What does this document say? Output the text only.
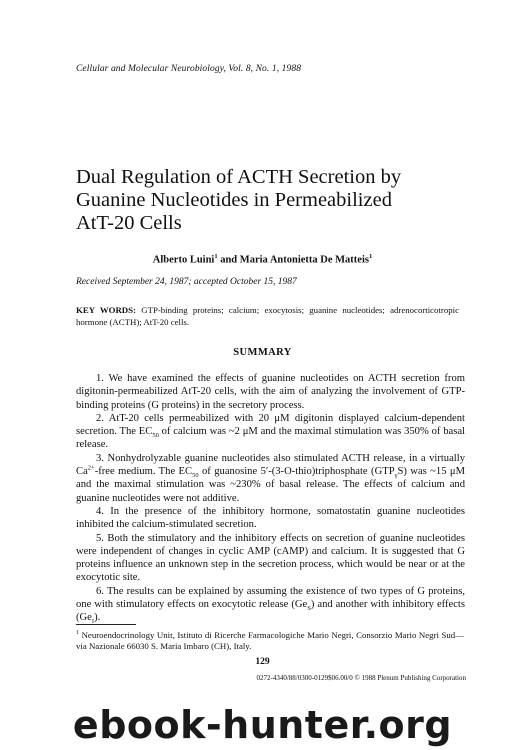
Cellular and Molecular Neurobiology, Vol. 8, No. 1, 1988
Dual Regulation of ACTH Secretion by
Guanine Nucleotides in Permeabilized
AtT-20 Cells
Alberto Luini$^1$ and Maria Antonietta De Matteis$^1$
Received September 24, 1987; accepted October 15, 1987
KEY WORDS: GTP-binding proteins; calcium; exocytosis; guanine nucleotides; adrenocorticotropic hormone (ACTH); AtT-20 cells.
SUMMARY

1. We have examined the effects of guanine nucleotides on ACTH secretion from digitonin-permeabilized AtT-20 cells, with the aim of analyzing the involvement of GTP-binding proteins (G proteins) in the secretory process.

2. AtT-20 cells permeabilized with 20 μM digitonin displayed calcium-dependent secretion. The $EC_{50}$ of calcium was ~2 μM and the maximal stimulation was 350% of basal release.

3. Nonhydrolyzable guanine nucleotides also stimulated ACTH release, in a virtually $Ca^{2+}$-free medium. The $EC_{50}$ of guanosine 5′-(3-O-thio)triphosphate $(GTP_\gamma S)$ was ~15 μM and the maximal stimulation was ~230% of basal release. The effects of calcium and guanine nucleotides were not additive.

4. In the presence of the inhibitory hormone, somatostatin guanine nucleotides inhibited the calcium-stimulated secretion.

5. Both the stimulatory and the inhibitory effects on secretion of guanine nucleotides were independent of changes in cyclic AMP (cAMP) and calcium. It is suggested that G proteins influence an unknown step in the secretion process, which would be near or at the exocytotic site.

6. The results can be explained by assuming the existence of two types of G proteins, one with stimulatory effects on exocytotic release $(Ge_S)$ and another with inhibitory effects $(Ge_I)$.

$^1$ Neuroendocrinology Unit, Istituto di Ricerche Farmacologiche Mario Negri, Consorzio Mario Negri Sud—via Nazionale 66030 S. Maria Imbaro (CH), Italy.
129
0272-4340/88/0300-0129$06.00/0 © 1988 Plenum Publishing Corporation
ebook-hunter.org
